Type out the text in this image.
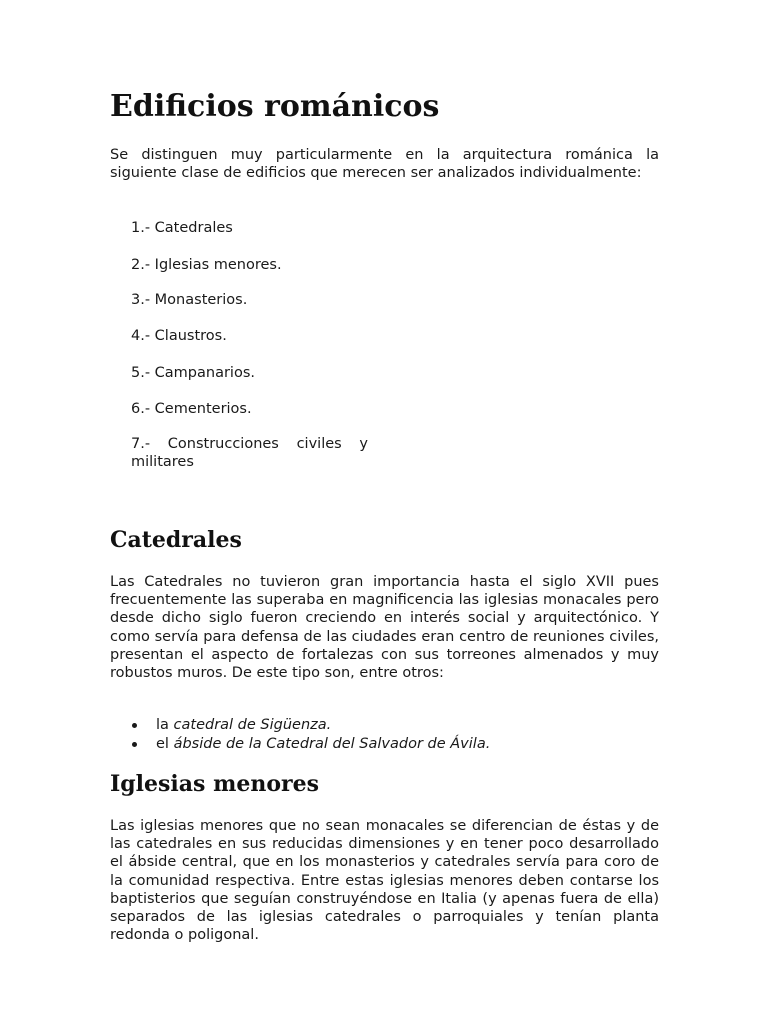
Edificios románicos

Se distinguen muy particularmente en la arquitectura románica la siguiente clase de edificios que merecen ser analizados individualmente:

1.- Catedrales

2.- Iglesias menores.

3.- Monasterios.

4.- Claustros.

5.- Campanarios.

6.- Cementerios.

7.- Construcciones civiles y militares

Catedrales

Las Catedrales no tuvieron gran importancia hasta el siglo XVII pues frecuentemente las superaba en magnificencia las iglesias monacales pero desde dicho siglo fueron creciendo en interés social y arquitectónico. Y como servía para defensa de las ciudades eran centro de reuniones civiles, presentan el aspecto de fortalezas con sus torreones almenados y muy robustos muros. De este tipo son, entre otros:

la catedral de Sigüenza.
el ábside de la Catedral del Salvador de Ávila.
Iglesias menores

Las iglesias menores que no sean monacales se diferencian de éstas y de las catedrales en sus reducidas dimensiones y en tener poco desarrollado el ábside central, que en los monasterios y catedrales servía para coro de la comunidad respectiva. Entre estas iglesias menores deben contarse los baptisterios que seguían construyéndose en Italia (y apenas fuera de ella) separados de las iglesias catedrales o parroquiales y tenían planta redonda o poligonal.
